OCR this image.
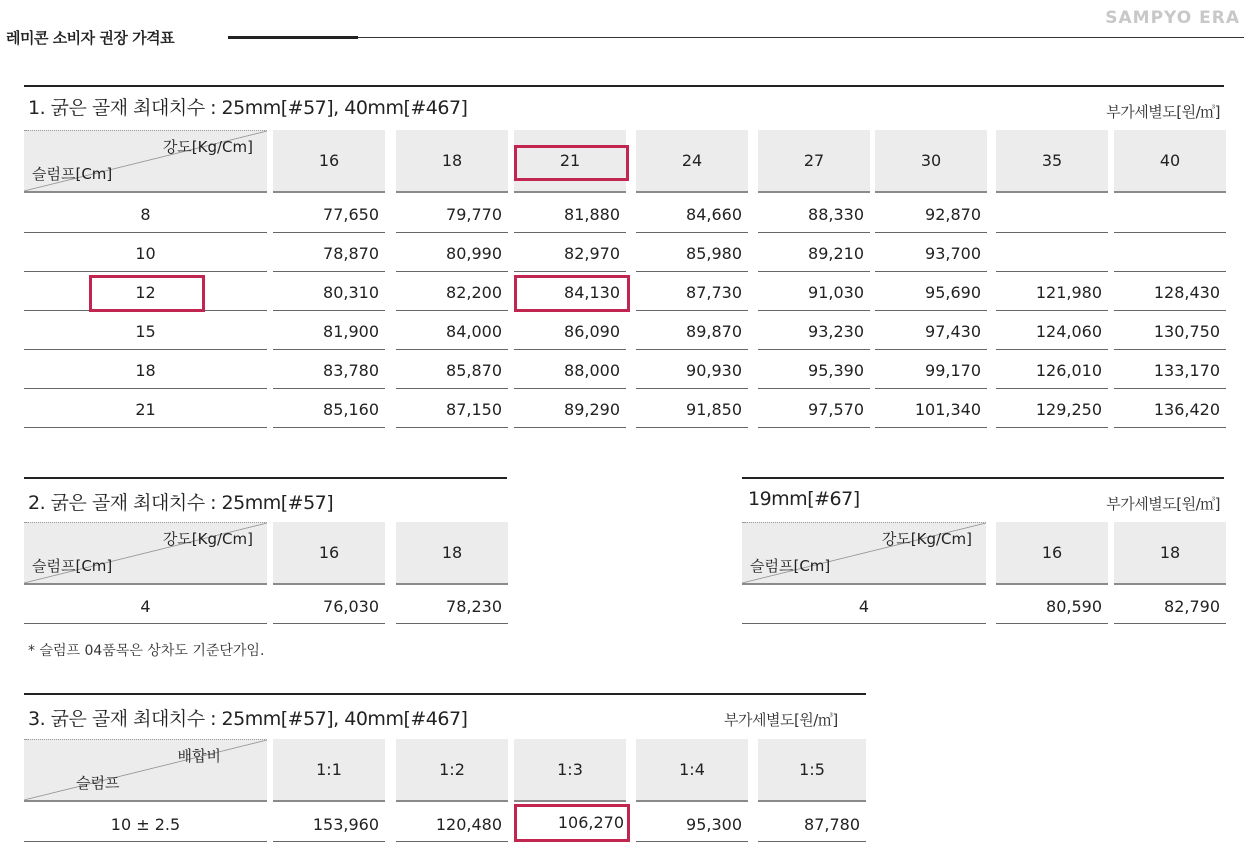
레미콘 소비자 권장 가격표
SAMPYO ERA
1. 굵은 골재 최대치수 : 25mm[#57], 40mm[#467]	부가세별도[원/㎥]
강도[Kg/Cm]
슬럼프[Cm]
16	18	21	24	27	30	35	40
8	77,650	79,770	81,880	84,660	88,330	92,870
10	78,870	80,990	82,970	85,980	89,210	93,700
12	80,310	82,200	84,130	87,730	91,030	95,690	121,980	128,430
15	81,900	84,000	86,090	89,870	93,230	97,430	124,060	130,750
18	83,780	85,870	88,000	90,930	95,390	99,170	126,010	133,170
21	85,160	87,150	89,290	91,850	97,570	101,340	129,250	136,420
2. 굵은 골재 최대치수 : 25mm[#57]
강도[Kg/Cm]
슬럼프[Cm]
16	18
4	76,030	78,230
* 슬럼프 04품목은 상차도 기준단가임.
19mm[#67]	부가세별도[원/㎥]
강도[Kg/Cm]
슬럼프[Cm]
16	18
4	80,590	82,790
3. 굵은 골재 최대치수 : 25mm[#57], 40mm[#467]	부가세별도[원/㎥]
배합비
슬럼프
1:1	1:2	1:3	1:4	1:5
10 ± 2.5	153,960	120,480	106,270	95,300	87,780
